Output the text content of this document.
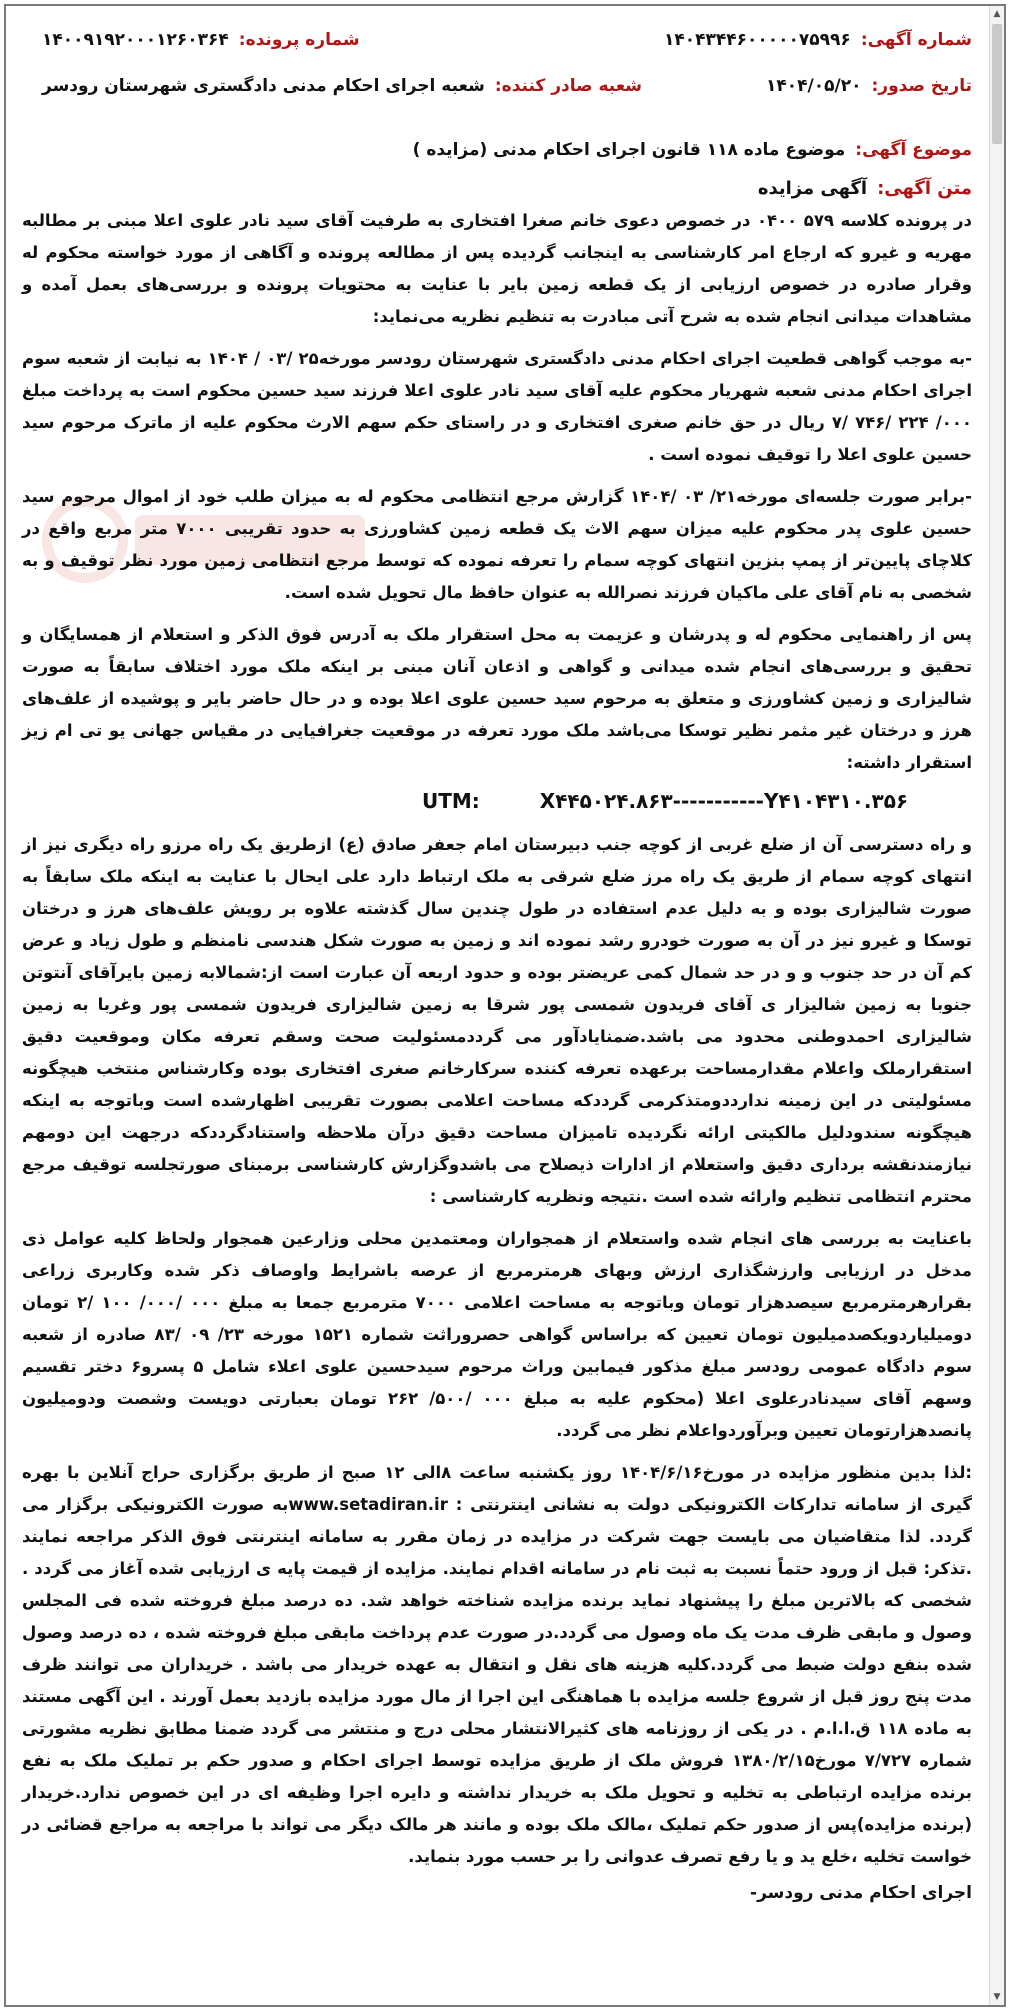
▲
▼
شماره آگهی:
۱۴۰۴۳۴۴۶۰۰۰۰۰۷۵۹۹۶
شماره پرونده:
۱۴۰۰۹۱۹۲۰۰۰۱۲۶۰۳۶۴
تاریخ صدور:
۱۴۰۴/۰۵/۲۰
شعبه صادر کننده:
شعبه اجرای احکام مدنی دادگستری شهرستان رودسر
موضوع آگهی:
موضوع ماده ۱۱۸ قانون اجرای احکام مدنی (مزایده )
متن آگهی:
آگهی مزایده

در پرونده کلاسه ۵۷۹ ۰۴۰۰ در خصوص دعوی خانم صغرا افتخاری به طرفیت آقای سید نادر علوی اعلا مبنی بر مطالبه مهریه و غیرو که ارجاع امر کارشناسی به اینجانب گردیده پس از مطالعه پرونده و آگاهی از مورد خواسته محکوم له وقرار صادره در خصوص ارزیابی از یک قطعه زمین بایر با عنایت به محتویات پرونده و بررسی‌های بعمل آمده و مشاهدات میدانی انجام شده به شرح آتی مبادرت به تنظیم نظریه می‌نماید:

-به موجب گواهی قطعیت اجرای احکام مدنی دادگستری شهرستان رودسر مورخه۲۵ /۰۳ / ۱۴۰۴ به نیابت از شعبه سوم اجرای احکام مدنی شعبه شهریار محکوم علیه آقای سید نادر علوی اعلا فرزند سید حسین محکوم است به پرداخت مبلغ ۰۰۰/ ۲۲۴ /۷۴۶ /۷ ریال در حق خانم صغری افتخاری و در راستای حکم سهم الارث محکوم علیه از ماترک مرحوم سید حسین علوی اعلا را توقیف نموده است .

-برابر صورت جلسه‌ای مورخه۲۱/ ۰۳ /۱۴۰۴ گزارش مرجع انتظامی محکوم له به میزان طلب خود از اموال مرحوم سید حسین علوی پدر محکوم علیه میزان سهم الاث یک قطعه زمین کشاورزی به حدود تقریبی ۷۰۰۰ متر مربع واقع در کلاچای پایین‌تر از پمپ بنزین انتهای کوچه سمام را تعرفه نموده که توسط مرجع انتظامی زمین مورد نظر توقیف و به شخصی به نام آقای علی ماکیان فرزند نصرالله به عنوان حافظ مال تحویل شده است.

پس از راهنمایی محکوم له و پدرشان و عزیمت به محل استقرار ملک به آدرس فوق الذکر و استعلام از همسایگان و تحقیق و بررسی‌های انجام شده میدانی و گواهی و اذعان آنان مبنی بر اینکه ملک مورد اختلاف سابقاً به صورت شالیزاری و زمین کشاورزی و متعلق به مرحوم سید حسین علوی اعلا بوده و در حال حاضر بایر و پوشیده از علف‌های هرز و درختان غیر مثمر نظیر توسکا می‌باشد ملک مورد تعرفه در موقعیت جغرافیایی در مقیاس جهانی یو تی ام زیز استقرار داشته:

UTM:	X۴۴۵۰۲۴.۸۶۳-----------Y۴۱۰۴۳۱۰.۳۵۶

و راه دسترسی آن از ضلع غربی از کوچه جنب دبیرستان امام جعفر صادق (ع) ازطریق یک راه مرزو راه دیگری نیز از انتهای کوچه سمام از طریق یک راه مرز ضلع شرقی به ملک ارتباط دارد علی ایحال با عنایت به اینکه ملک سابقاً به صورت شالیزاری بوده و به دلیل عدم استفاده در طول چندین سال گذشته علاوه بر رویش علف‌های هرز و درختان توسکا و غیرو نیز در آن به صورت خودرو رشد نموده اند و زمین به صورت شکل هندسی نامنظم و طول زیاد و عرض کم آن در حد جنوب و و در حد شمال کمی عریضتر بوده و حدود اربعه آن عبارت است از:شمالابه زمین بایرآقای آنتوتن جنوبا به زمین شالیزار ی آقای فریدون شمسی پور شرقا به زمین شالیزاری فریدون شمسی پور وغربا به زمین شالیزاری احمدوطنی محدود می باشد.ضمنایادآور می گرددمسئولیت صحت وسقم تعرفه مکان وموقعیت دقیق استقرارملک واعلام مقدارمساحت برعهده تعرفه کننده سرکارخانم صغری افتخاری بوده وکارشناس منتخب هیچگونه مسئولیتی در این زمینه ندارددومتذکرمی گرددکه مساحت اعلامی بصورت تقریبی اظهارشده است وباتوجه به اینکه هیچگونه سندودلیل مالکیتی ارائه نگردیده تامیزان مساحت دقیق درآن ملاحظه واستنادگرددکه درجهت این دومهم نیازمندنقشه برداری دقیق واستعلام از ادارات ذیصلاح می باشدوگزارش کارشناسی برمبنای صورتجلسه توقیف مرجع محترم انتظامی تنظیم وارائه شده است .نتیجه ونظریه کارشناسی :

باعنایت به بررسی های انجام شده واستعلام از همجواران ومعتمدین محلی وزارعین همجوار ولحاظ کلیه عوامل ذی مدخل در ارزیابی وارزشگذاری ارزش وبهای هرمترمربع از عرصه باشرایط واوصاف ذکر شده وکاربری زراعی بقرارهرمترمربع سیصدهزار تومان وباتوجه به مساحت اعلامی ۷۰۰۰ مترمربع جمعا به مبلغ ۰۰۰ /۰۰۰/ ۱۰۰ /۲ تومان دومیلیاردویکصدمیلیون تومان تعیین که براساس گواهی حصروراثت شماره ۱۵۲۱ مورخه ۲۳/ ۰۹ /۸۳ صادره از شعبه سوم دادگاه عمومی رودسر مبلغ مذکور فیمابین وراث مرحوم سیدحسین علوی اعلاء شامل ۵ پسرو۶ دختر تقسیم وسهم آقای سیدنادرعلوی اعلا (محکوم علیه به مبلغ ۰۰۰ /۵۰۰/ ۲۶۲ تومان بعبارتی دویست وشصت ودومیلیون پانصدهزارتومان تعیین وبرآوردواعلام نظر می گردد.

:لذا بدین منظور مزایده در مورخ۱۴۰۴/۶/۱۶ روز یکشنبه ساعت ۸الی ۱۲ صبح از طریق برگزاری حراج آنلاین با بهره گیری از سامانه تدارکات الکترونیکی دولت به نشانی اینترنتی : www.setadiran.irبه صورت الکترونیکی برگزار می گردد. لذا متقاضیان می بایست جهت شرکت در مزایده در زمان مقرر به سامانه اینترنتی فوق الذکر مراجعه نمایند .تذکر: قبل از ورود حتماً نسبت به ثبت نام در سامانه اقدام نمایند. مزایده از قیمت پایه ی ارزیابی شده آغاز می گردد . شخصی که بالاترین مبلغ را پیشنهاد نماید برنده مزایده شناخته خواهد شد. ده درصد مبلغ فروخته شده فی المجلس وصول و مابقی ظرف مدت یک ماه وصول می گردد.در صورت عدم پرداخت مابقی مبلغ فروخته شده ، ده درصد وصول شده بنفع دولت ضبط می گردد.کلیه هزینه های نقل و انتقال به عهده خریدار می باشد . خریداران می توانند ظرف مدت پنج روز قبل از شروع جلسه مزایده با هماهنگی این اجرا از مال مورد مزایده بازدید بعمل آورند . این آگهی مستند به ماده ۱۱۸ ق.ا.ا.م . در یکی از روزنامه های کثیرالانتشار محلی درج و منتشر می گردد ضمنا مطابق نظریه مشورتی شماره ۷/۷۲۷ مورخ۱۳۸۰/۲/۱۵ فروش ملک از طریق مزایده توسط اجرای احکام و صدور حکم بر تملیک ملک به نفع برنده مزایده ارتباطی به تخلیه و تحویل ملک به خریدار نداشته و دایره اجرا وظیفه ای در این خصوص ندارد.خریدار (برنده مزایده)پس از صدور حکم تملیک ،مالک ملک بوده و مانند هر مالک دیگر می تواند با مراجعه به مراجع قضائی در خواست تخلیه ،خلع ید و یا رفع تصرف عدوانی را بر حسب مورد بنماید.

اجرای احکام مدنی رودسر-
